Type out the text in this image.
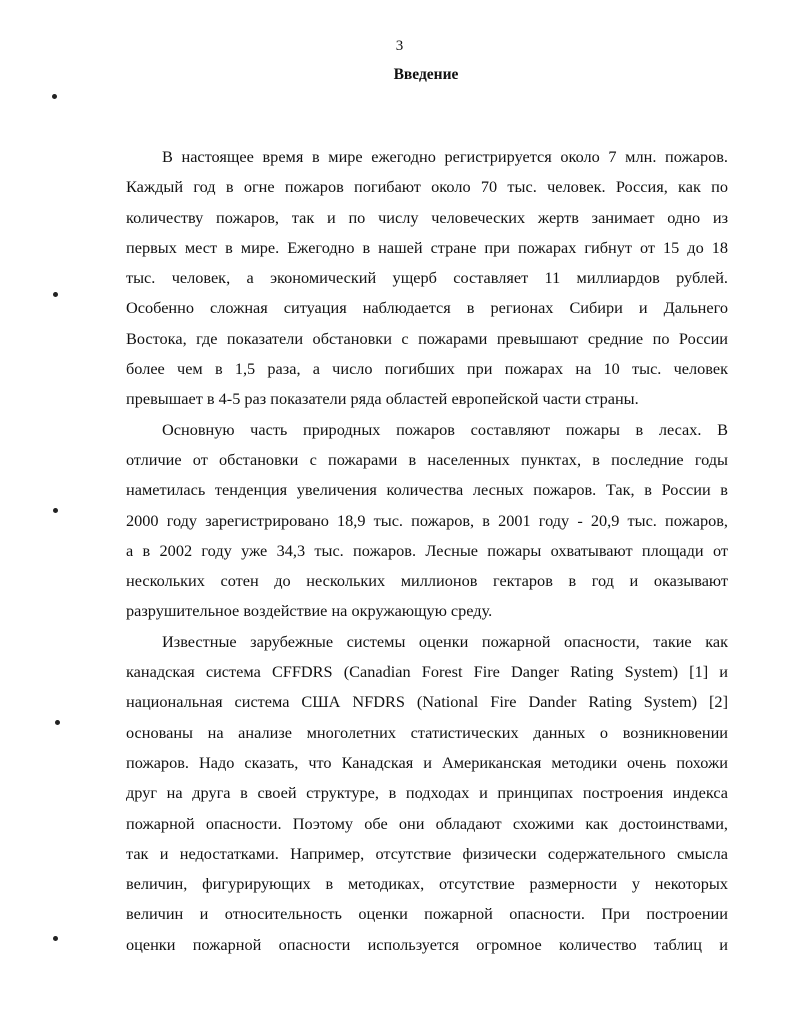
3
Введение

В настоящее время в мире ежегодно регистрируется около 7 млн. пожаров.
Каждый год в огне пожаров погибают около 70 тыс. человек. Россия, как по
количеству пожаров, так и по числу человеческих жертв занимает одно из
первых мест в мире. Ежегодно в нашей стране при пожарах гибнут от 15 до 18
тыс. человек, а экономический ущерб составляет 11 миллиардов рублей.
Особенно сложная ситуация наблюдается в регионах Сибири и Дальнего
Востока, где показатели обстановки с пожарами превышают средние по России
более чем в 1,5 раза, а число погибших при пожарах на 10 тыс. человек
превышает в 4-5 раз показатели ряда областей европейской части страны.

Основную часть природных пожаров составляют пожары в лесах. В
отличие от обстановки с пожарами в населенных пунктах, в последние годы
наметилась тенденция увеличения количества лесных пожаров. Так, в России в
2000 году зарегистрировано 18,9 тыс. пожаров, в 2001 году - 20,9 тыс. пожаров,
а в 2002 году уже 34,3 тыс. пожаров. Лесные пожары охватывают площади от
нескольких сотен до нескольких миллионов гектаров в год и оказывают
разрушительное воздействие на окружающую среду.

Известные зарубежные системы оценки пожарной опасности, такие как
канадская система CFFDRS (Canadian Forest Fire Danger Rating System) [1] и
национальная система США NFDRS (National Fire Dander Rating System) [2]
основаны на анализе многолетних статистических данных о возникновении
пожаров. Надо сказать, что Канадская и Американская методики очень похожи
друг на друга в своей структуре, в подходах и принципах построения индекса
пожарной опасности. Поэтому обе они обладают схожими как достоинствами,
так и недостатками. Например, отсутствие физически содержательного смысла
величин, фигурирующих в методиках, отсутствие размерности у некоторых
величин и относительность оценки пожарной опасности. При построении
оценки пожарной опасности используется огромное количество таблиц и
